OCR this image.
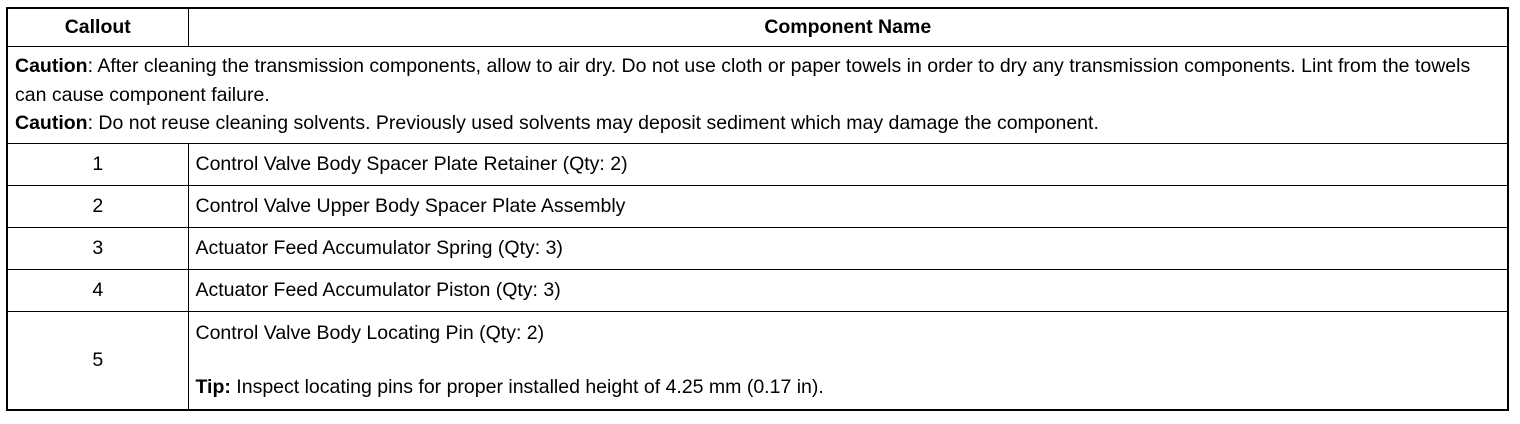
Callout	Component Name

Caution: After cleaning the transmission components, allow to air dry. Do not use cloth or paper towels in order to dry any transmission components. Lint from the towels can cause component failure.
Caution: Do not reuse cleaning solvents. Previously used solvents may deposit sediment which may damage the component.	

1	Control Valve Body Spacer Plate Retainer (Qty: 2)
2	Control Valve Upper Body Spacer Plate Assembly
3	Actuator Feed Accumulator Spring (Qty: 3)
4	Actuator Feed Accumulator Piston (Qty: 3)
5	Control Valve Body Locating Pin (Qty: 2)
Tip: Inspect locating pins for proper installed height of 4.25 mm (0.17 in).
